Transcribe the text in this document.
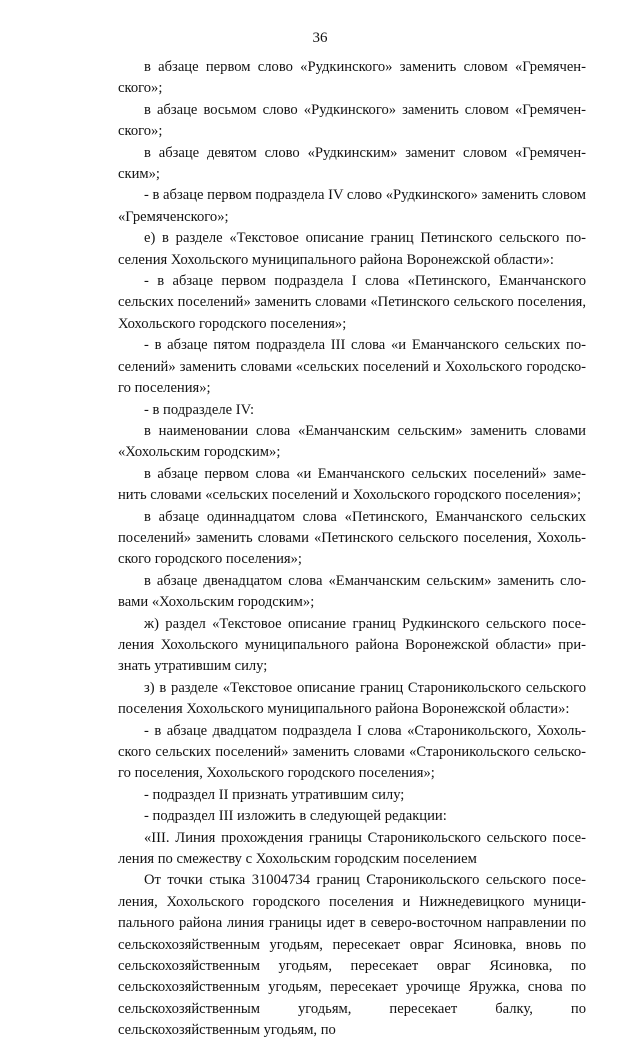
36

в абзаце первом слово «Рудкинского» заменить словом «Гремяченского»;

в абзаце восьмом слово «Рудкинского» заменить словом «Гремяченского»;

в абзаце девятом слово «Рудкинским» заменит словом «Гремяченским»;

- в абзаце первом подраздела IV слово «Рудкинского» заменить словом «Гремяченского»;

е) в разделе «Текстовое описание границ Петинского сельского поселения Хохольского муниципального района Воронежской области»:

- в абзаце первом подраздела I слова «Петинского, Еманчанского сельских поселений» заменить словами «Петинского сельского поселения, Хохольского городского поселения»;

- в абзаце пятом подраздела III слова «и Еманчанского сельских поселений» заменить словами «сельских поселений и Хохольского городского поселения»;

- в подразделе IV:

в наименовании слова «Еманчанским сельским» заменить словами «Хохольским городским»;

в абзаце первом слова «и Еманчанского сельских поселений» заменить словами «сельских поселений и Хохольского городского поселения»;

в абзаце одиннадцатом слова «Петинского, Еманчанского сельских поселений» заменить словами «Петинского сельского поселения, Хохольского городского поселения»;

в абзаце двенадцатом слова «Еманчанским сельским» заменить словами «Хохольским городским»;

ж) раздел «Текстовое описание границ Рудкинского сельского поселения Хохольского муниципального района Воронежской области» признать утратившим силу;

з) в разделе «Текстовое описание границ Староникольского сельского поселения Хохольского муниципального района Воронежской области»:

- в абзаце двадцатом подраздела I слова «Староникольского, Хохольского сельских поселений» заменить словами «Староникольского сельского поселения, Хохольского городского поселения»;

- подраздел II признать утратившим силу;

- подраздел III изложить в следующей редакции:

«III. Линия прохождения границы Староникольского сельского поселения по смежеству с Хохольским городским поселением

От точки стыка 31004734 границ Староникольского сельского поселения, Хохольского городского поселения и Нижнедевицкого муниципального района линия границы идет в северо-восточном направлении по сельскохозяйственным угодьям, пересекает овраг Ясиновка, вновь по сельскохозяйственным угодьям, пересекает овраг Ясиновка, по сельскохозяйственным угодьям, пересекает урочище Яружка, снова по сельскохозяйственным угодьям, пересекает балку, по сельскохозяйственным угодьям, по
